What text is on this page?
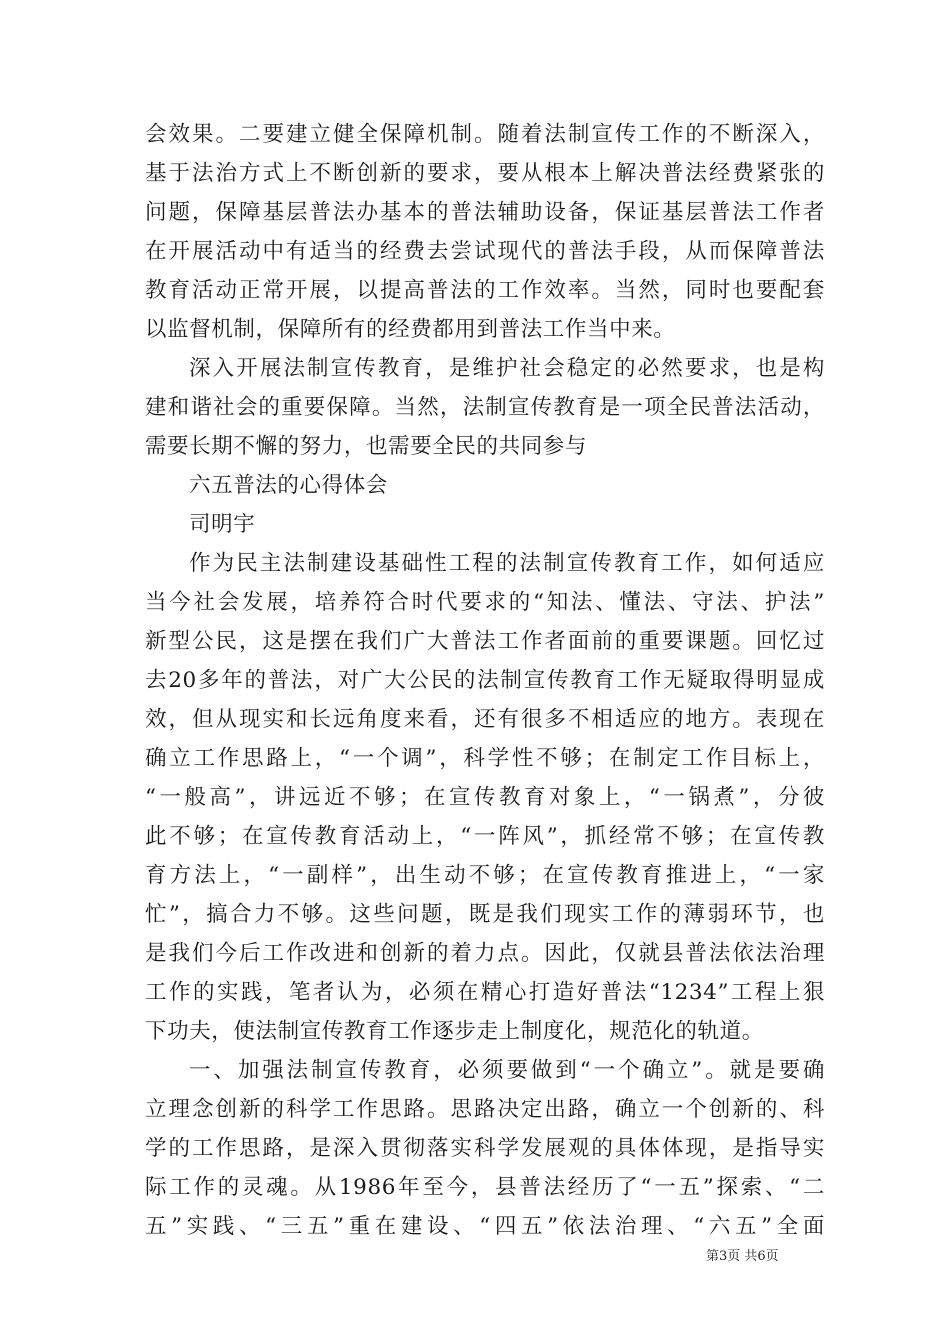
会效果。二要建立健全保障机制。随着法制宣传工作的不断深入，
基于法治方式上不断创新的要求，要从根本上解决普法经费紧张的
问题，保障基层普法办基本的普法辅助设备，保证基层普法工作者
在开展活动中有适当的经费去尝试现代的普法手段，从而保障普法
教育活动正常开展，以提高普法的工作效率。当然，同时也要配套
以监督机制，保障所有的经费都用到普法工作当中来。
深入开展法制宣传教育，是维护社会稳定的必然要求，也是构
建和谐社会的重要保障。当然，法制宣传教育是一项全民普法活动，
需要长期不懈的努力，也需要全民的共同参与
六五普法的心得体会
司明宇
作为民主法制建设基础性工程的法制宣传教育工作，如何适应
当今社会发展，培养符合时代要求的“知法、懂法、守法、护法”
新型公民，这是摆在我们广大普法工作者面前的重要课题。回忆过
去20多年的普法，对广大公民的法制宣传教育工作无疑取得明显成
效，但从现实和长远角度来看，还有很多不相适应的地方。表现在
确立工作思路上，“一个调”，科学性不够；在制定工作目标上，
“一般高”，讲远近不够；在宣传教育对象上，“一锅煮”，分彼
此不够；在宣传教育活动上，“一阵风”，抓经常不够；在宣传教
育方法上，“一副样”，出生动不够；在宣传教育推进上，“一家
忙”，搞合力不够。这些问题，既是我们现实工作的薄弱环节，也
是我们今后工作改进和创新的着力点。因此，仅就县普法依法治理
工作的实践，笔者认为，必须在精心打造好普法“1234”工程上狠
下功夫，使法制宣传教育工作逐步走上制度化，规范化的轨道。
一、加强法制宣传教育，必须要做到“一个确立”。就是要确
立理念创新的科学工作思路。思路决定出路，确立一个创新的、科
学的工作思路，是深入贯彻落实科学发展观的具体体现，是指导实
际工作的灵魂。从1986年至今，县普法经历了“一五”探索、“二
五”实践、“三五”重在建设、“四五”依法治理、“六五”全面
第3页 共6页
